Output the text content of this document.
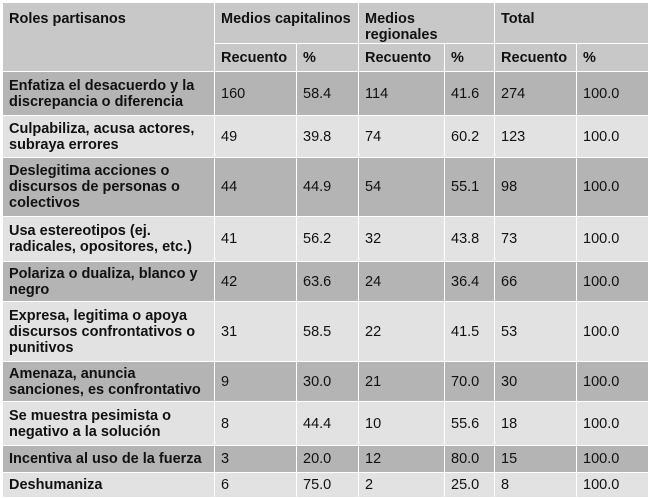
Roles partisanos	Medios capitalinos		Medios regionales		Total	
	Recuento	%	Recuento	%	Recuento	%
Enfatiza el desacuerdo y la discrepancia o diferencia	160	58.4	114	41.6	274	100.0
Culpabiliza, acusa actores, subraya errores	49	39.8	74	60.2	123	100.0
Deslegitima acciones o discursos de personas o colectivos	44	44.9	54	55.1	98	100.0
Usa estereotipos (ej. radicales, opositores, etc.)	41	56.2	32	43.8	73	100.0
Polariza o dualiza, blanco y negro	42	63.6	24	36.4	66	100.0
Expresa, legitima o apoya discursos confrontativos o punitivos	31	58.5	22	41.5	53	100.0
Amenaza, anuncia sanciones, es confrontativo	9	30.0	21	70.0	30	100.0
Se muestra pesimista o negativo a la solución	8	44.4	10	55.6	18	100.0
Incentiva al uso de la fuerza	3	20.0	12	80.0	15	100.0
Deshumaniza	6	75.0	2	25.0	8	100.0
